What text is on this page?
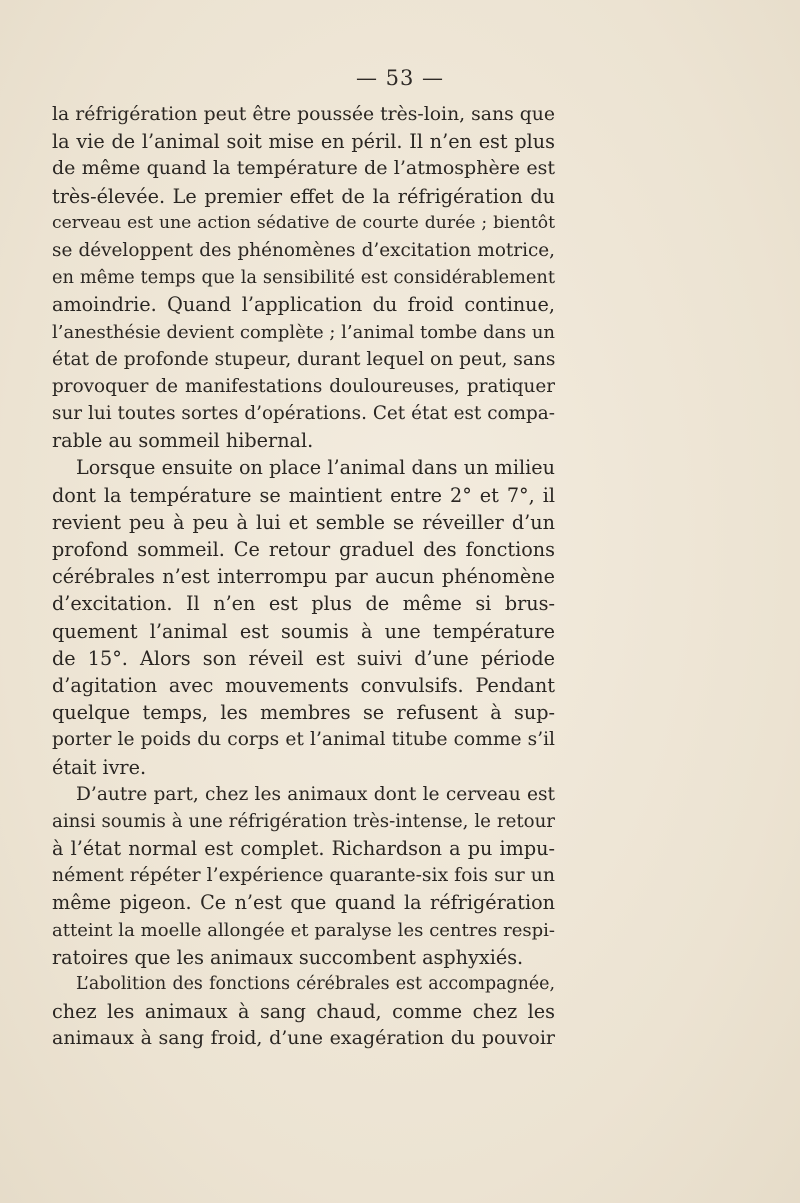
— 53 —
la réfrigération peut être poussée très-loin, sans que
la vie de l’animal soit mise en péril. Il n’en est plus
de même quand la température de l’atmosphère est
très-élevée. Le premier effet de la réfrigération du
cerveau est une action sédative de courte durée ; bientôt
se développent des phénomènes d’excitation motrice,
en même temps que la sensibilité est considérablement
amoindrie. Quand l’application du froid continue,
l’anesthésie devient complète ; l’animal tombe dans un
état de profonde stupeur, durant lequel on peut, sans
provoquer de manifestations douloureuses, pratiquer
sur lui toutes sortes d’opérations. Cet état est compa-
rable au sommeil hibernal.
Lorsque ensuite on place l’animal dans un milieu
dont la température se maintient entre 2° et 7°, il
revient peu à peu à lui et semble se réveiller d’un
profond sommeil. Ce retour graduel des fonctions
cérébrales n’est interrompu par aucun phénomène
d’excitation. Il n’en est plus de même si brus-
quement l’animal est soumis à une température
de 15°. Alors son réveil est suivi d’une période
d’agitation avec mouvements convulsifs. Pendant
quelque temps, les membres se refusent à sup-
porter le poids du corps et l’animal titube comme s’il
était ivre.
D’autre part, chez les animaux dont le cerveau est
ainsi soumis à une réfrigération très-intense, le retour
à l’état normal est complet. Richardson a pu impu-
nément répéter l’expérience quarante-six fois sur un
même pigeon. Ce n’est que quand la réfrigération
atteint la moelle allongée et paralyse les centres respi-
ratoires que les animaux succombent asphyxiés.
L’abolition des fonctions cérébrales est accompagnée,
chez les animaux à sang chaud, comme chez les
animaux à sang froid, d’une exagération du pouvoir
